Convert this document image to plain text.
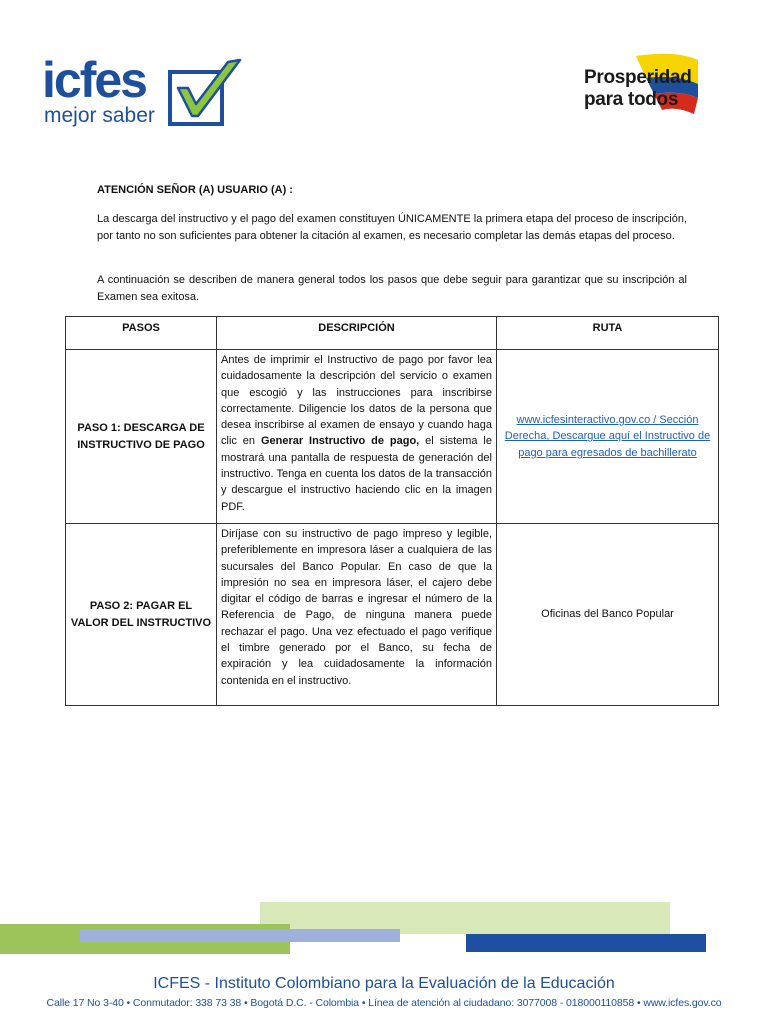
icfes
mejor saber
Prosperidad
para todos
ATENCIÓN SEÑOR (A) USUARIO (A) :
La descarga del instructivo y el pago del examen constituyen ÚNICAMENTE la primera etapa del proceso de inscripción, por tanto no son suficientes para obtener la citación al examen, es necesario completar las demás etapas del proceso.
A continuación se describen de manera general todos los pasos que debe seguir para garantizar que su inscripción al Examen sea exitosa.
PASOS	DESCRIPCIÓN	RUTA
PASO 1: DESCARGA DE INSTRUCTIVO DE PAGO	Antes de imprimir el Instructivo de pago por favor lea cuidadosamente la descripción del servicio o examen que escogió y las instrucciones para inscribirse correctamente. Diligencie los datos de la persona que desea inscribirse al examen de ensayo y cuando haga clic en Generar Instructivo de pago, el sistema le mostrará una pantalla de respuesta de generación del instructivo. Tenga en cuenta los datos de la transacción y descargue el instructivo haciendo clic en la imagen PDF.	www.icfesinteractivo.gov.co / Sección Derecha, Descargue aquí el Instructivo de pago para egresados de bachillerato
PASO 2: PAGAR EL VALOR DEL INSTRUCTIVO	Diríjase con su instructivo de pago impreso y legible, preferiblemente en impresora láser a cualquiera de las sucursales del Banco Popular. En caso de que la impresión no sea en impresora láser, el cajero debe digitar el código de barras e ingresar el número de la Referencia de Pago, de ninguna manera puede rechazar el pago. Una vez efectuado el pago verifique el timbre generado por el Banco, su fecha de expiración y lea cuidadosamente la información contenida en el instructivo.	Oficinas del Banco Popular
ICFES - Instituto Colombiano para la Evaluación de la Educación
Calle 17 No 3-40 • Conmutador: 338 73 38 • Bogotá D.C. - Colombia • Línea de atención al ciudadano: 3077008 - 018000110858 • www.icfes.gov.co
